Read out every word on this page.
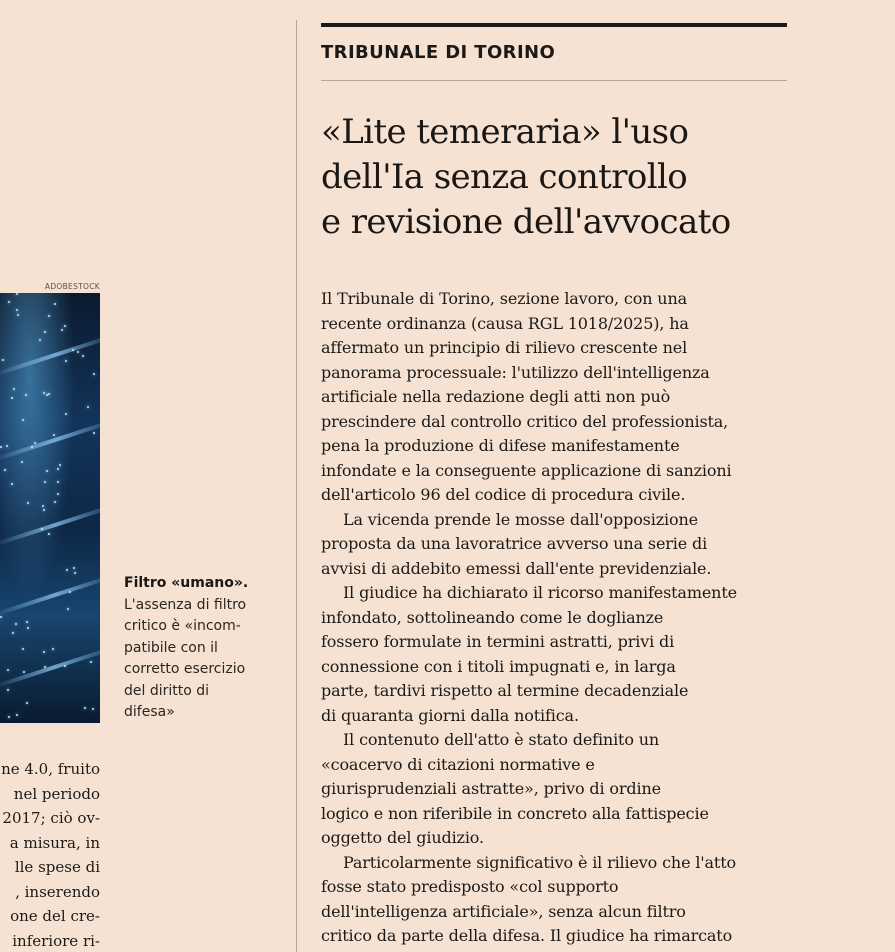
ADOBESTOCK
Filtro «umano».
L'assenza di filtro
critico è «incom-
patibile con il
corretto esercizio
del diritto di
difesa»
ne 4.0, fruito
nel periodo
2017; ciò ov-
a misura, in
lle spese di
, inserendo
one del cre-
inferiore ri-
TRIBUNALE DI TORINO
«Lite temeraria» l'uso
dell'Ia senza controllo
e revisione dell'avvocato
Il Tribunale di Torino, sezione lavoro, con una
recente ordinanza (causa RGL 1018/2025), ha
affermato un principio di rilievo crescente nel
panorama processuale: l'utilizzo dell'intelligenza
artificiale nella redazione degli atti non può
prescindere dal controllo critico del professionista,
pena la produzione di difese manifestamente
infondate e la conseguente applicazione di sanzioni
dell'articolo 96 del codice di procedura civile.
La vicenda prende le mosse dall'opposizione
proposta da una lavoratrice avverso una serie di
avvisi di addebito emessi dall'ente previdenziale.
Il giudice ha dichiarato il ricorso manifestamente
infondato, sottolineando come le doglianze
fossero formulate in termini astratti, privi di
connessione con i titoli impugnati e, in larga
parte, tardivi rispetto al termine decadenziale
di quaranta giorni dalla notifica.
Il contenuto dell'atto è stato definito un
«coacervo di citazioni normative e
giurisprudenziali astratte», privo di ordine
logico e non riferibile in concreto alla fattispecie
oggetto del giudizio.
Particolarmente significativo è il rilievo che l'atto
fosse stato predisposto «col supporto
dell'intelligenza artificiale», senza alcun filtro
critico da parte della difesa. Il giudice ha rimarcato
